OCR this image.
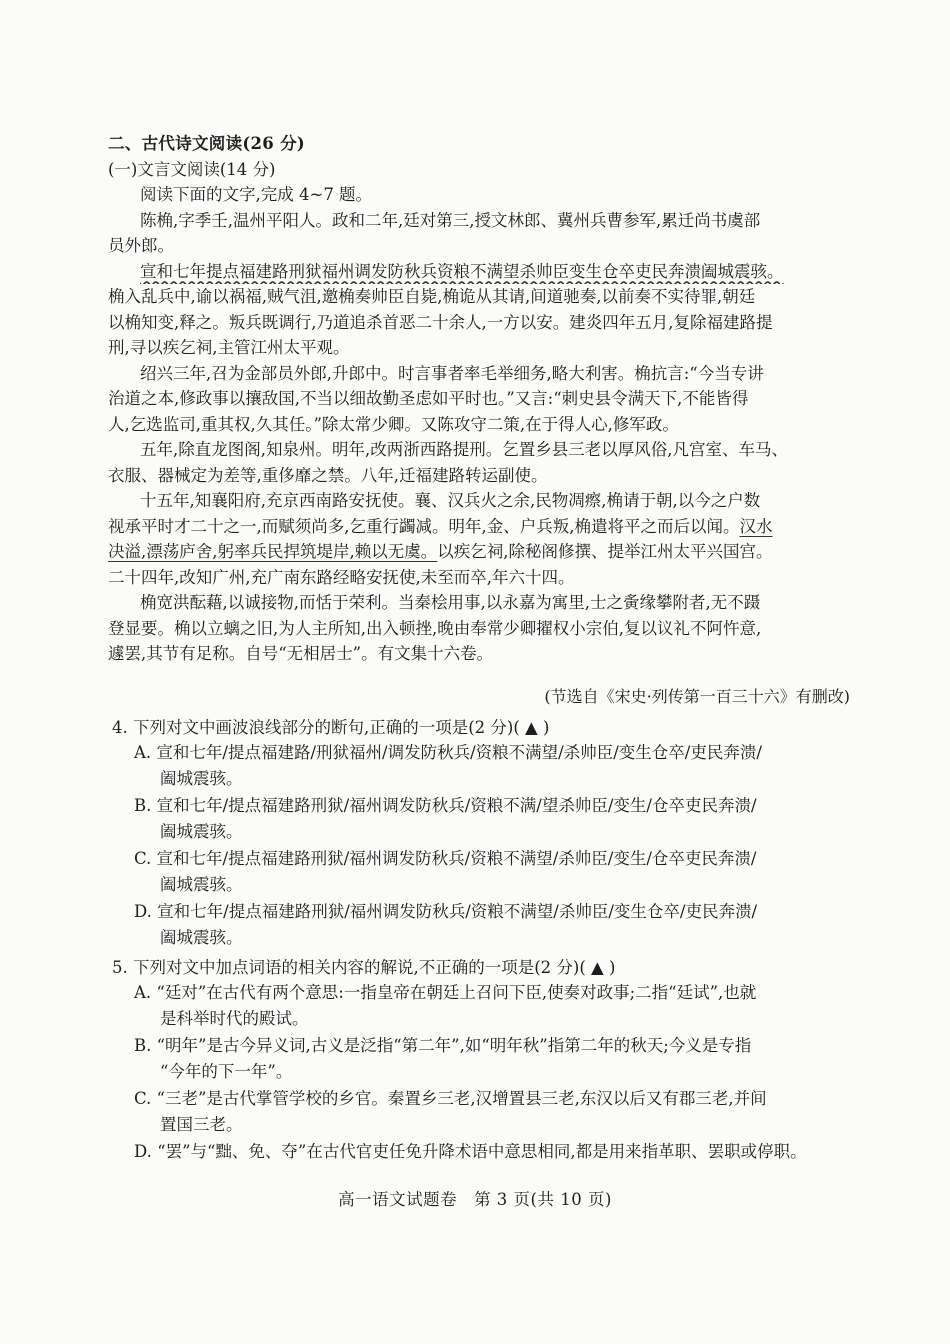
二、古代诗文阅读(26 分)
(一)文言文阅读(14 分)
阅读下面的文字,完成 4~7 题。
陈桷,字季壬,温州平阳人。政和二年,廷对第三,授文林郎、冀州兵曹参军,累迁尚书虞部
员外郎。
宣和七年提点福建路刑狱福州调发防秋兵资粮不满望杀帅臣变生仓卒吏民奔溃阖城震骇。
桷入乱兵中,谕以祸福,贼气沮,邀桷奏帅臣自毙,桷诡从其请,间道驰奏,以前奏不实待罪,朝廷
以桷知变,释之。叛兵既调行,乃道追杀首恶二十余人,一方以安。建炎四年五月,复除福建路提
刑,寻以疾乞祠,主管江州太平观。
绍兴三年,召为金部员外郎,升郎中。时言事者率毛举细务,略大利害。桷抗言:“今当专讲
治道之本,修政事以攘敌国,不当以细故勤圣虑如平时也。”又言:“刺史县令满天下,不能皆得
人,乞选监司,重其权,久其任。”除太常少卿。又陈攻守二策,在于得人心,修军政。
五年,除直龙图阁,知泉州。明年,改两浙西路提刑。乞置乡县三老以厚风俗,凡宫室、车马、
衣服、器械定为差等,重侈靡之禁。八年,迁福建路转运副使。
十五年,知襄阳府,充京西南路安抚使。襄、汉兵火之余,民物凋瘵,桷请于朝,以今之户数
视承平时才二十之一,而赋须尚多,乞重行蠲减。明年,金、户兵叛,桷遣将平之而后以闻。汉水
决溢,漂荡庐舍,躬率兵民捍筑堤岸,赖以无虞。以疾乞祠,除秘阁修撰、提举江州太平兴国宫。
二十四年,改知广州,充广南东路经略安抚使,未至而卒,年六十四。
桷宽洪酝藉,以诚接物,而恬于荣利。当秦桧用事,以永嘉为寓里,士之夤缘攀附者,无不蹑
登显要。桷以立螭之旧,为人主所知,出入顿挫,晚由奉常少卿擢权小宗伯,复以议礼不阿忤意,
遽罢,其节有足称。自号“无相居士”。有文集十六卷。
(节选自《宋史·列传第一百三十六》有删改)
4. 下列对文中画波浪线部分的断句,正确的一项是(2 分)( ▲ )
A. 宣和七年/提点福建路/刑狱福州/调发防秋兵/资粮不满望/杀帅臣/变生仓卒/吏民奔溃/
阖城震骇。
B. 宣和七年/提点福建路刑狱/福州调发防秋兵/资粮不满/望杀帅臣/变生/仓卒吏民奔溃/
阖城震骇。
C. 宣和七年/提点福建路刑狱/福州调发防秋兵/资粮不满望/杀帅臣/变生/仓卒吏民奔溃/
阖城震骇。
D. 宣和七年/提点福建路刑狱/福州调发防秋兵/资粮不满望/杀帅臣/变生仓卒/吏民奔溃/
阖城震骇。
5. 下列对文中加点词语的相关内容的解说,不正确的一项是(2 分)( ▲ )
A. “廷对”在古代有两个意思:一指皇帝在朝廷上召问下臣,使奏对政事;二指“廷试”,也就
是科举时代的殿试。
B. “明年”是古今异义词,古义是泛指“第二年”,如“明年秋”指第二年的秋天;今义是专指
“今年的下一年”。
C. “三老”是古代掌管学校的乡官。秦置乡三老,汉增置县三老,东汉以后又有郡三老,并间
置国三老。
D. “罢”与“黜、免、夺”在古代官吏任免升降术语中意思相同,都是用来指革职、罢职或停职。
高一语文试题卷　第 3 页(共 10 页)
